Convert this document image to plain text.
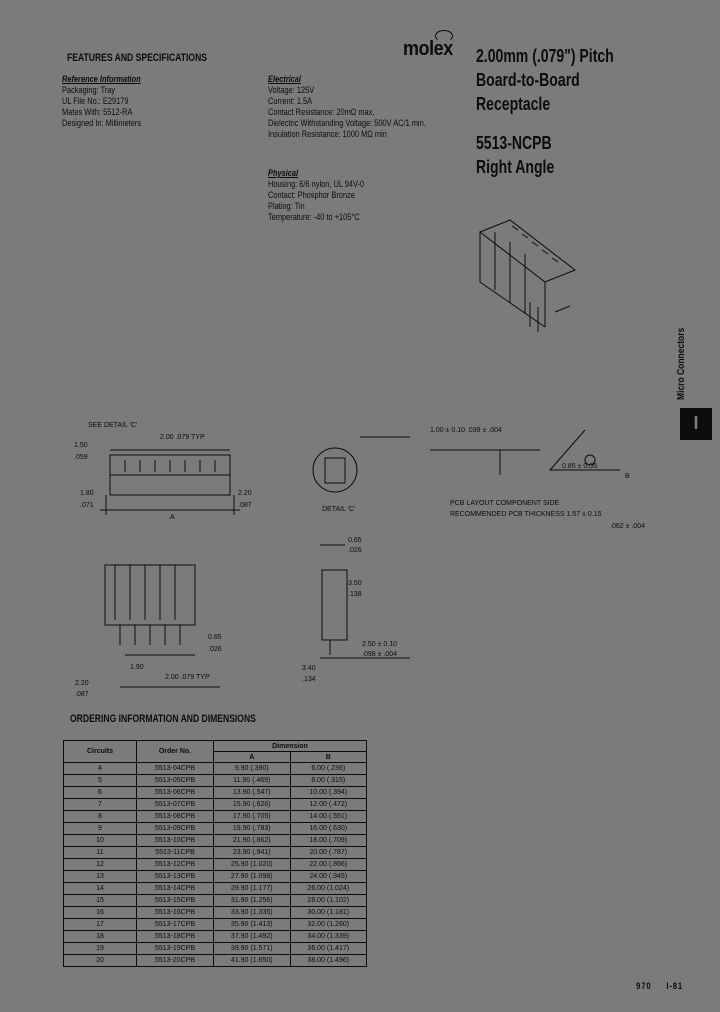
FEATURES AND SPECIFICATIONS
Reference Information
Packaging: Tray
UL File No.: E29179
Mates With: 5512-RA
Designed In: Millimeters
Electrical
Voltage: 125V
Current: 1.5A
Contact Resistance: 20mΩ max.
Dielectric Withstanding Voltage: 500V AC/1 min.
Insulation Resistance: 1000 MΩ min
Physical
Housing: 6/6 nylon, UL 94V-0
Contact: Phosphor Bronze
Plating: Tin
Temperature: -40 to +105°C
molex 2.00mm (.079") Pitch
Board-to-Board
Receptacle
5513-NCPB
Right Angle
I
Micro Connectors
SEE DETAIL 'C'
2.00 .079 TYP
1.50
.059
1.80
.071
2.20
.087
A
DETAIL 'C'
1.00 ± 0.10 .039 ± .004
0.85 ± 0.05
B
PCB LAYOUT COMPONENT SIDE
RECOMMENDED PCB THICKNESS 1.57 ± 0.15
.062 ± .004
1.90
2.00 .079 TYP
0.65
.026
2.20
.087
0.65
.026
3.50
.138
2.50 ± 0.10
.098 ± .004
3.40
.134
ORDERING INFORMATION AND DIMENSIONS
Circuits	Order No.	Dimension	
		A	B
4	5513-04CPB	9.90 (.390)	6.00 (.236)
5	5513-05CPB	11.90 (.469)	8.00 (.315)
6	5513-06CPB	13.90 (.547)	10.00 (.394)
7	5513-07CPB	15.90 (.626)	12.00 (.472)
8	5513-08CPB	17.90 (.705)	14.00 (.551)
9	5513-09CPB	19.90 (.783)	16.00 (.630)
10	5513-10CPB	21.90 (.862)	18.00 (.709)
11	5513-11CPB	23.90 (.941)	20.00 (.787)
12	5513-12CPB	25.90 (1.020)	22.00 (.866)
13	5513-13CPB	27.90 (1.098)	24.00 (.945)
14	5513-14CPB	29.90 (1.177)	26.00 (1.024)
15	5513-15CPB	31.90 (1.256)	28.00 (1.102)
16	5513-16CPB	33.90 (1.335)	30.00 (1.181)
17	5513-17CPB	35.90 (1.413)	32.00 (1.260)
18	5513-18CPB	37.90 (1.492)	34.00 (1.339)
19	5513-19CPB	39.90 (1.571)	36.00 (1.417)
20	5513-20CPB	41.90 (1.650)	38.00 (1.496)
970 I-81
